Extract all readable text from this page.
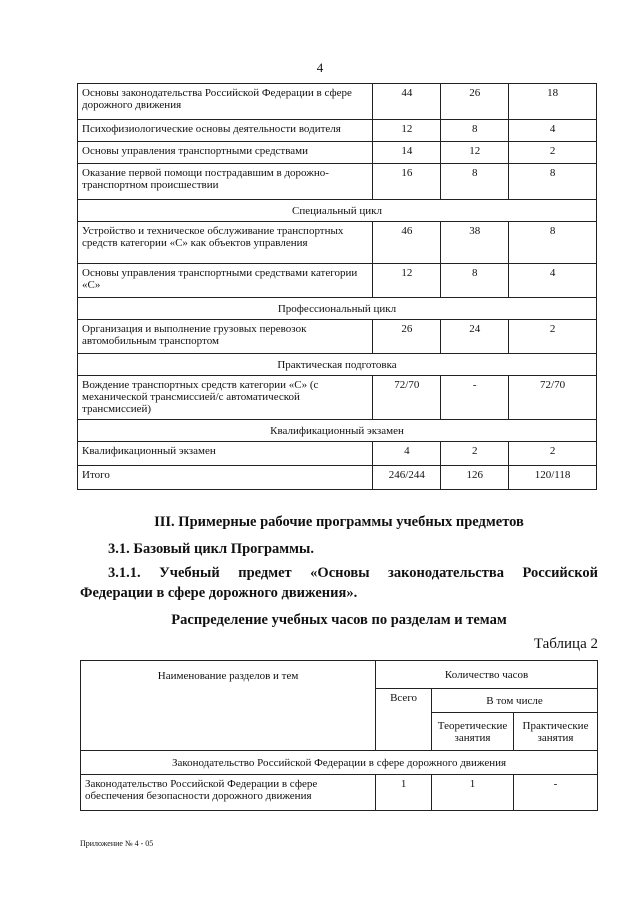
4
Основы законодательства Российской Федерации в сфере дорожного движения	44	26	18
Психофизиологические основы деятельности водителя	12	8	4
Основы управления транспортными средствами	14	12	2
Оказание первой помощи пострадавшим в дорожно-транспортном происшествии	16	8	8
Специальный цикл			
Устройство и техническое обслуживание транспортных средств категории «С» как объектов управления	46	38	8
Основы управления транспортными средствами категории «С»	12	8	4
Профессиональный цикл			
Организация и выполнение грузовых перевозок автомобильным транспортом	26	24	2
Практическая подготовка			
Вождение транспортных средств категории «С» (с механической трансмиссией/с автоматической трансмиссией)	72/70	-	72/70
Квалификационный экзамен			
Квалификационный экзамен	4	2	2
Итого	246/244	126	120/118
III. Примерные рабочие программы учебных предметов
3.1. Базовый цикл Программы.
3.1.1. Учебный предмет «Основы законодательства Российской Федерации в сфере дорожного движения».
Распределение учебных часов по разделам и темам
Таблица 2
Наименование разделов и тем	Количество часов		
	Всего	В том числе	
		Теоретические занятия	Практические занятия
Законодательство Российской Федерации в сфере дорожного движения			
Законодательство Российской Федерации в сфере обеспечения безопасности дорожного движения	1	1	-
Приложение № 4 - 05
